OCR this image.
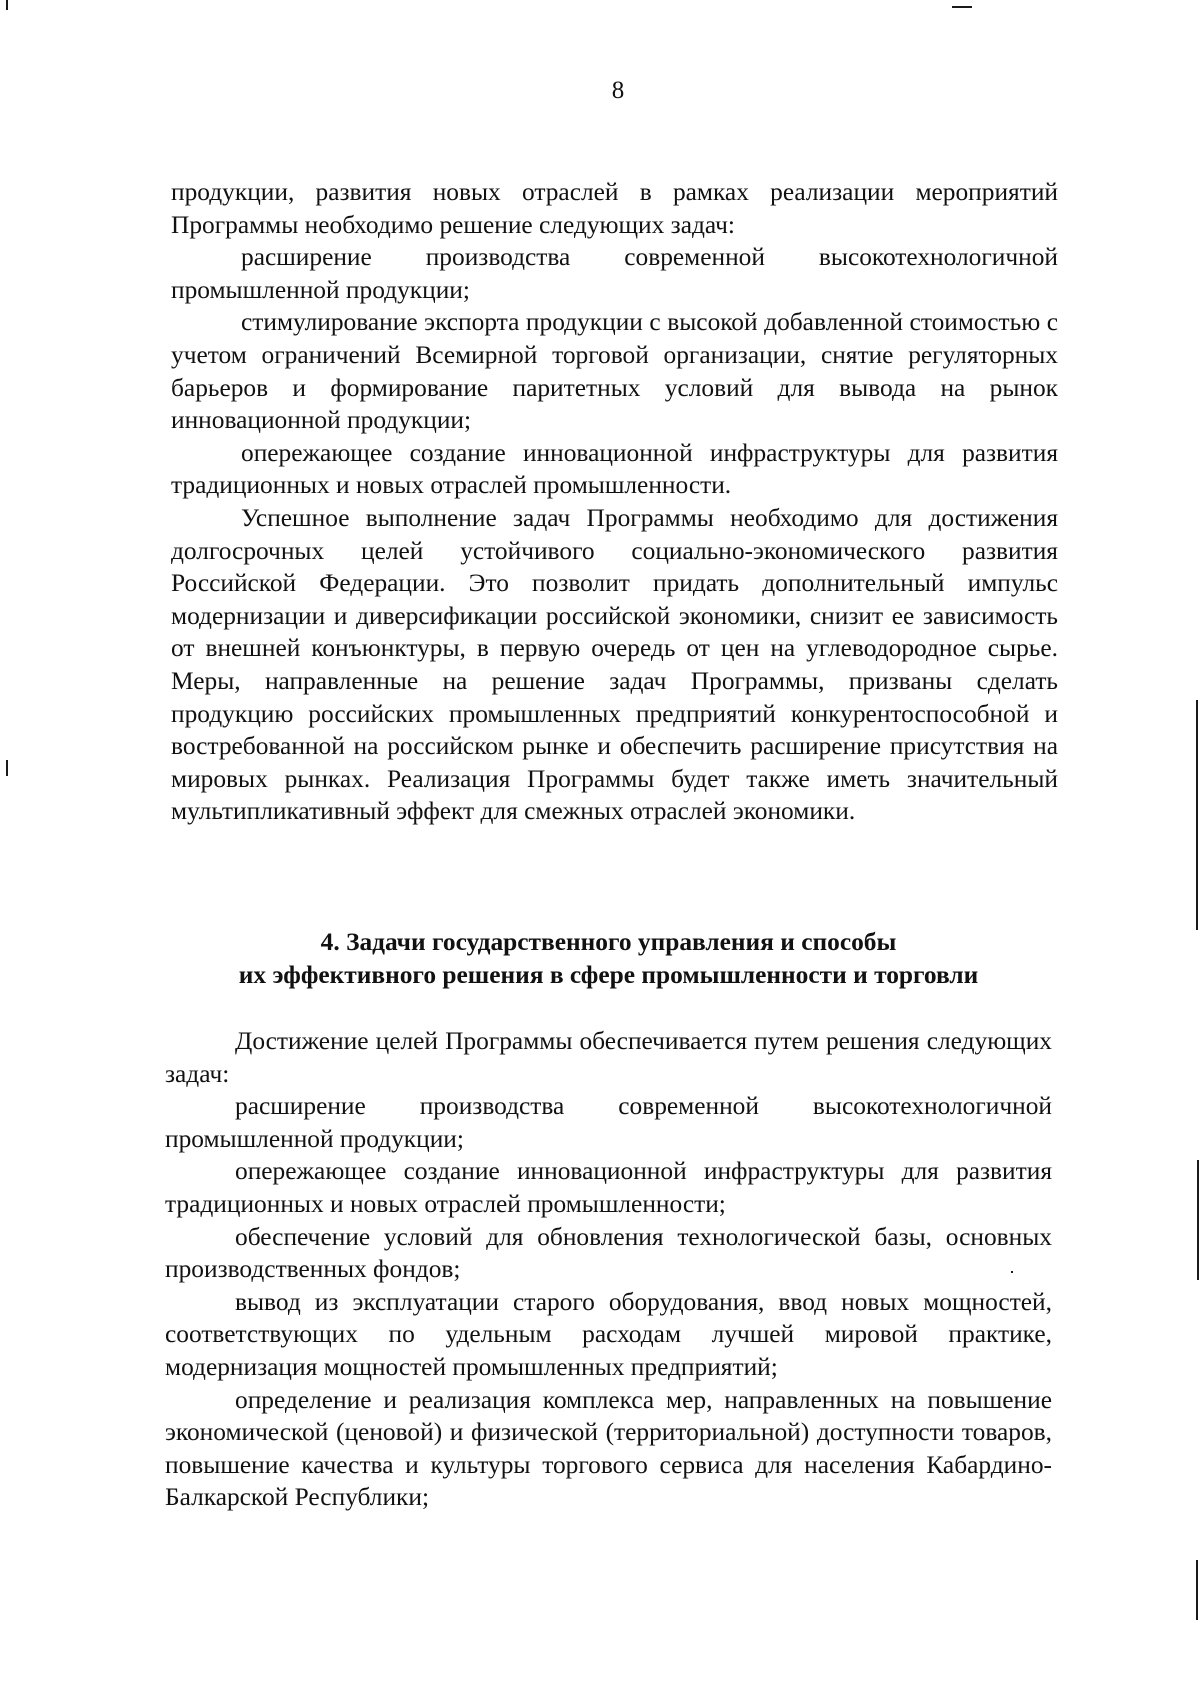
8

продукции, развития новых отраслей в рамках реализации мероприятий Программы необходимо решение следующих задач:

расширение производства современной высокотехнологичной промышленной продукции;

стимулирование экспорта продукции с высокой добавленной стоимостью с учетом ограничений Всемирной торговой организации, снятие регуляторных барьеров и формирование паритетных условий для вывода на рынок инновационной продукции;

опережающее создание инновационной инфраструктуры для развития традиционных и новых отраслей промышленности.

Успешное выполнение задач Программы необходимо для достижения долгосрочных целей устойчивого социально-экономического развития Российской Федерации. Это позволит придать дополнительный импульс модернизации и диверсификации российской экономики, снизит ее зависимость от внешней конъюнктуры, в первую очередь от цен на углеводородное сырье. Меры, направленные на решение задач Программы, призваны сделать продукцию российских промышленных предприятий конкурентоспособной и востребованной на российском рынке и обеспечить расширение присутствия на мировых рынках. Реализация Программы будет также иметь значительный мультипликативный эффект для смежных отраслей экономики.

4. Задачи государственного управления и способы
их эффективного решения в сфере промышленности и торговли

Достижение целей Программы обеспечивается путем решения следующих задач:

расширение производства современной высокотехнологичной промышленной продукции;

опережающее создание инновационной инфраструктуры для развития традиционных и новых отраслей промышленности;

обеспечение условий для обновления технологической базы, основных производственных фондов;

вывод из эксплуатации старого оборудования, ввод новых мощностей, соответствующих по удельным расходам лучшей мировой практике, модернизация мощностей промышленных предприятий;

определение и реализация комплекса мер, направленных на повышение экономической (ценовой) и физической (территориальной) доступности товаров, повышение качества и культуры торгового сервиса для населения Кабардино-Балкарской Республики;
